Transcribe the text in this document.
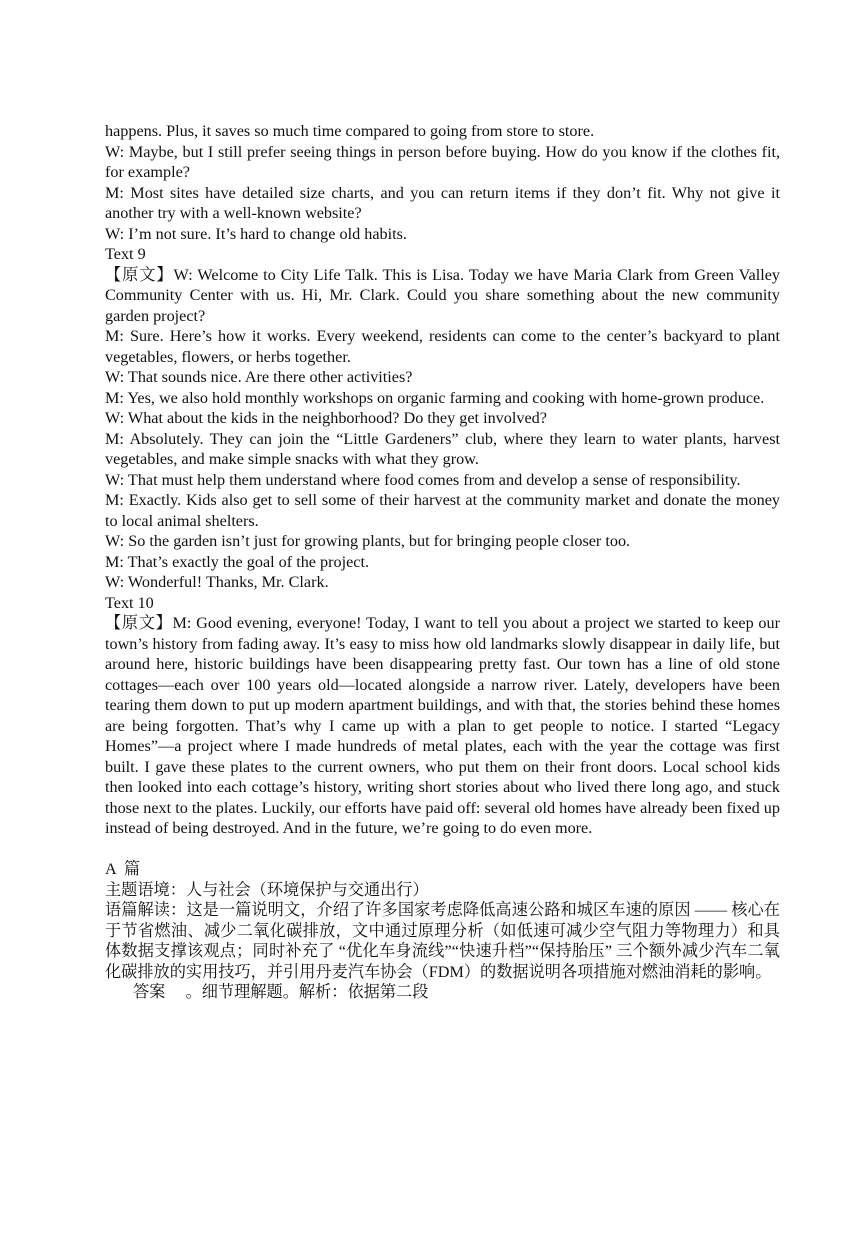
happens. Plus, it saves so much time compared to going from store to store.

W: Maybe, but I still prefer seeing things in person before buying. How do you know if the clothes fit, for example?

M: Most sites have detailed size charts, and you can return items if they don’t fit. Why not give it another try with a well-known website?

W: I’m not sure. It’s hard to change old habits.

Text 9

【原文】W: Welcome to City Life Talk. This is Lisa. Today we have Maria Clark from Green Valley Community Center with us. Hi, Mr. Clark. Could you share something about the new community garden project?

M: Sure. Here’s how it works. Every weekend, residents can come to the center’s backyard to plant vegetables, flowers, or herbs together.

W: That sounds nice. Are there other activities?

M: Yes, we also hold monthly workshops on organic farming and cooking with home-grown produce.

W: What about the kids in the neighborhood? Do they get involved?

M: Absolutely. They can join the “Little Gardeners” club, where they learn to water plants, harvest vegetables, and make simple snacks with what they grow.

W: That must help them understand where food comes from and develop a sense of responsibility.

M: Exactly. Kids also get to sell some of their harvest at the community market and donate the money to local animal shelters.

W: So the garden isn’t just for growing plants, but for bringing people closer too.

M: That’s exactly the goal of the project.

W: Wonderful! Thanks, Mr. Clark.

Text 10

【原文】M: Good evening, everyone! Today, I want to tell you about a project we started to keep our town’s history from fading away. It’s easy to miss how old landmarks slowly disappear in daily life, but around here, historic buildings have been disappearing pretty fast. Our town has a line of old stone cottages—each over 100 years old—located alongside a narrow river. Lately, developers have been tearing them down to put up modern apartment buildings, and with that, the stories behind these homes are being forgotten. That’s why I came up with a plan to get people to notice. I started “Legacy Homes”—a project where I made hundreds of metal plates, each with the year the cottage was first built. I gave these plates to the current owners, who put them on their front doors. Local school kids then looked into each cottage’s history, writing short stories about who lived there long ago, and stuck those next to the plates. Luckily, our efforts have paid off: several old homes have already been fixed up instead of being destroyed. And in the future, we’re going to do even more.

A  篇

主题语境：人与社会（环境保护与交通出行）

语篇解读：这是一篇说明文，介绍了许多国家考虑降低高速公路和城区车速的原因 —— 核心在于节省燃油、减少二氧化碳排放，文中通过原理分析（如低速可减少空气阻力等物理力）和具体数据支撑该观点；同时补充了 “优化车身流线”“快速升档”“保持胎压” 三个额外减少汽车二氧化碳排放的实用技巧，并引用丹麦汽车协会（FDM）的数据说明各项措施对燃油消耗的影响。

答案　 。细节理解题。解析：依据第二段
